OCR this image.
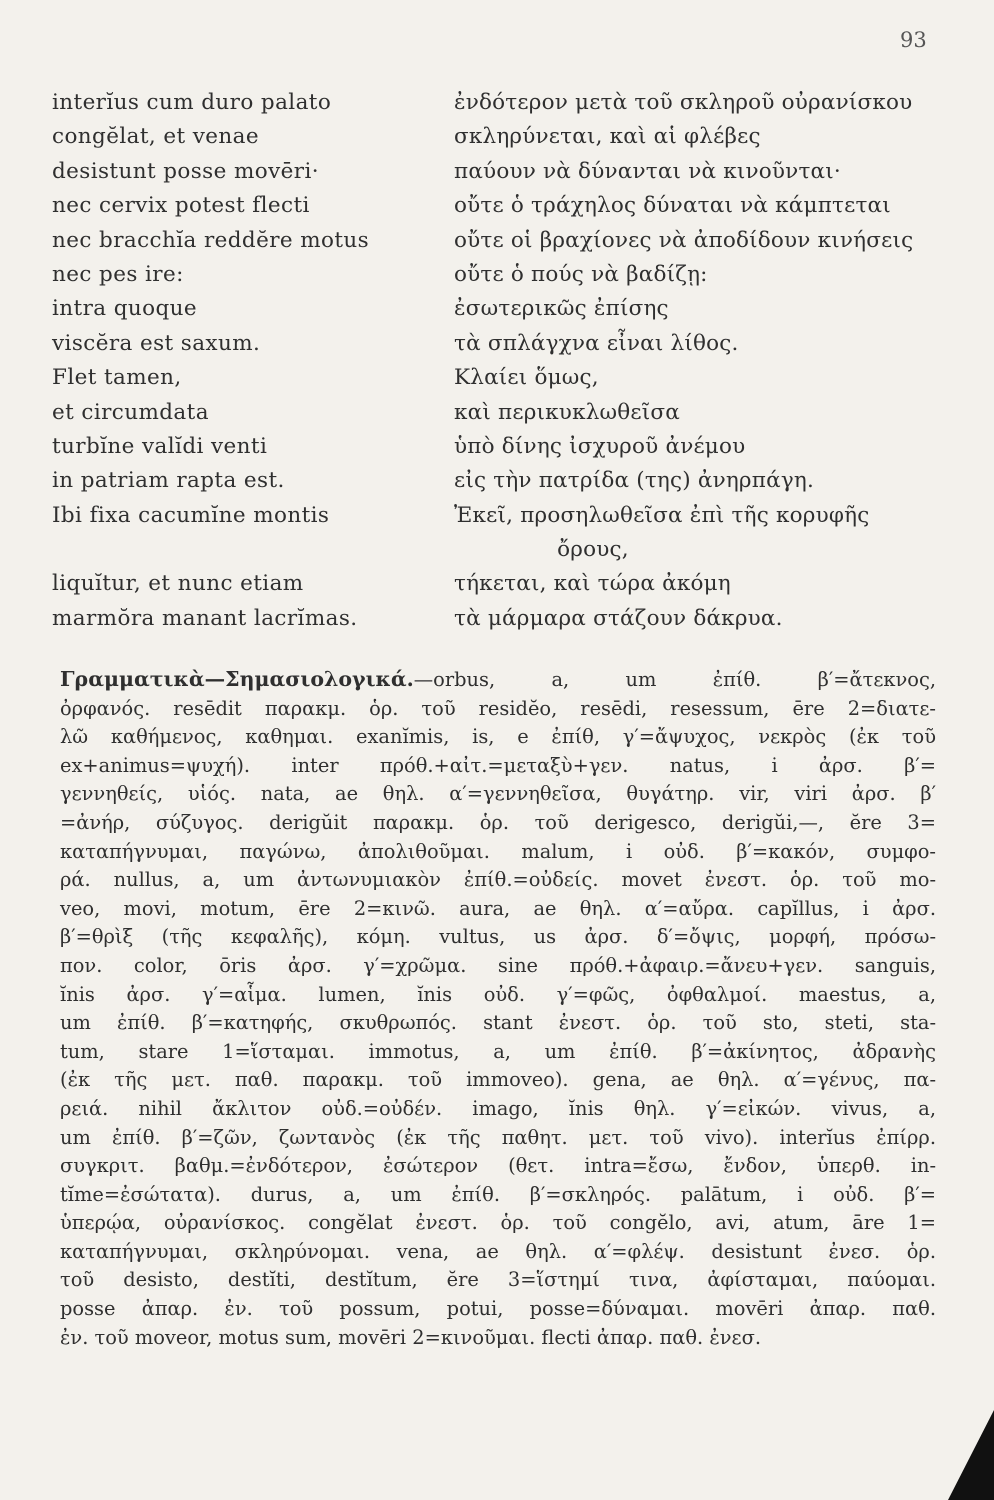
93
interĭus cum duro palato	ἐνδότερον μετὰ τοῦ σκληροῦ οὐρανίσκου
congĕlat, et venae	σκληρύνεται, καὶ αἱ φλέβες
desistunt posse movēri·	παύουν νὰ δύνανται νὰ κινοῦνται·
nec cervix potest flecti	οὔτε ὁ τράχηλος δύναται νὰ κάμπτεται
nec bracchĭa reddĕre motus	οὔτε οἱ βραχίονες νὰ ἀποδίδουν κινήσεις
nec pes ire:	οὔτε ὁ πούς νὰ βαδίζῃ:
intra quoque	ἐσωτερικῶς ἐπίσης
viscĕra est saxum.	τὰ σπλάγχνα εἶναι λίθος.
Flet tamen,	Κλαίει ὅμως,
et circumdata	καὶ περικυκλωθεῖσα
turbĭne valĭdi venti	ὑπὸ δίνης ἰσχυροῦ ἀνέμου
in patriam rapta est.	εἰς τὴν πατρίδα (της) ἀνηρπάγη.
Ibi fixa cacumĭne montis	Ἐκεῖ, προσηλωθεῖσα ἐπὶ τῆς κορυφῆς
ὄρους,
liquĭtur, et nunc etiam	τήκεται, καὶ τώρα ἀκόμη
marmŏra manant lacrĭmas.	τὰ μάρμαρα στάζουν δάκρυα.
Γραμματικὰ—Σημασιολογικά.—orbus, a, um ἐπίθ. β′=ἄτεκνος,
ὀρφανός. resēdit παρακμ. ὁρ. τοῦ residĕo, resēdi, resessum, ēre 2=διατε-
λῶ καθήμενος, καθημαι. exanĭmis, is, e ἐπίθ, γ′=ἄψυχος, νεκρὸς (ἐκ τοῦ
ex+animus=ψυχή). inter πρόθ.+αἰτ.=μεταξὺ+γεν. natus, i ἀρσ. β′=
γεννηθείς, υἱός. nata, ae θηλ. α′=γεννηθεῖσα, θυγάτηρ. vir, viri ἀρσ. β′
=ἀνήρ, σύζυγος. derigŭit παρακμ. ὁρ. τοῦ derigesco, derigŭi,—, ĕre 3=
καταπήγνυμαι, παγώνω, ἀπολιθοῦμαι. malum, i οὐδ. β′=κακόν, συμφο-
ρά. nullus, a, um ἀντωνυμιακὸν ἐπίθ.=οὐδείς. movet ἐνεστ. ὁρ. τοῦ mo-
veo, movi, motum, ēre 2=κινῶ. aura, ae θηλ. α′=αὔρα. capĭllus, i ἀρσ.
β′=θρὶξ (τῆς κεφαλῆς), κόμη. vultus, us ἀρσ. δ′=ὄψις, μορφή, πρόσω-
πον. color, ōris ἀρσ. γ′=χρῶμα. sine πρόθ.+ἀφαιρ.=ἄνευ+γεν. sanguis,
ĭnis ἀρσ. γ′=αἷμα. lumen, ĭnis οὐδ. γ′=φῶς, ὀφθαλμοί. maestus, a,
um ἐπίθ. β′=κατηφής, σκυθρωπός. stant ἐνεστ. ὁρ. τοῦ sto, steti, sta-
tum, stare 1=ἵσταμαι. immotus, a, um ἐπίθ. β′=ἀκίνητος, ἀδρανὴς
(ἐκ τῆς μετ. παθ. παρακμ. τοῦ immoveo). gena, ae θηλ. α′=γένυς, πα-
ρειά. nihil ἄκλιτον οὐδ.=οὐδέν. imago, ĭnis θηλ. γ′=εἰκών. vivus, a,
um ἐπίθ. β′=ζῶν, ζωντανὸς (ἐκ τῆς παθητ. μετ. τοῦ vivo). interĭus ἐπίρρ.
συγκριτ. βαθμ.=ἐνδότερον, ἐσώτερον (θετ. intra=ἔσω, ἔνδον, ὑπερθ. in-
tĭme=ἐσώτατα). durus, a, um ἐπίθ. β′=σκληρός. palātum, i οὐδ. β′=
ὑπερῴα, οὐρανίσκος. congĕlat ἐνεστ. ὁρ. τοῦ congĕlo, avi, atum, āre 1=
καταπήγνυμαι, σκληρύνομαι. vena, ae θηλ. α′=φλέψ. desistunt ἐνεσ. ὁρ.
τοῦ desisto, destĭti, destĭtum, ĕre 3=ἵστημί τινα, ἀφίσταμαι, παύομαι.
posse ἀπαρ. ἐν. τοῦ possum, potui, posse=δύναμαι. movēri ἀπαρ. παθ.
ἐν. τοῦ moveor, motus sum, movēri 2=κινοῦμαι. flecti ἀπαρ. παθ. ἐνεσ.
